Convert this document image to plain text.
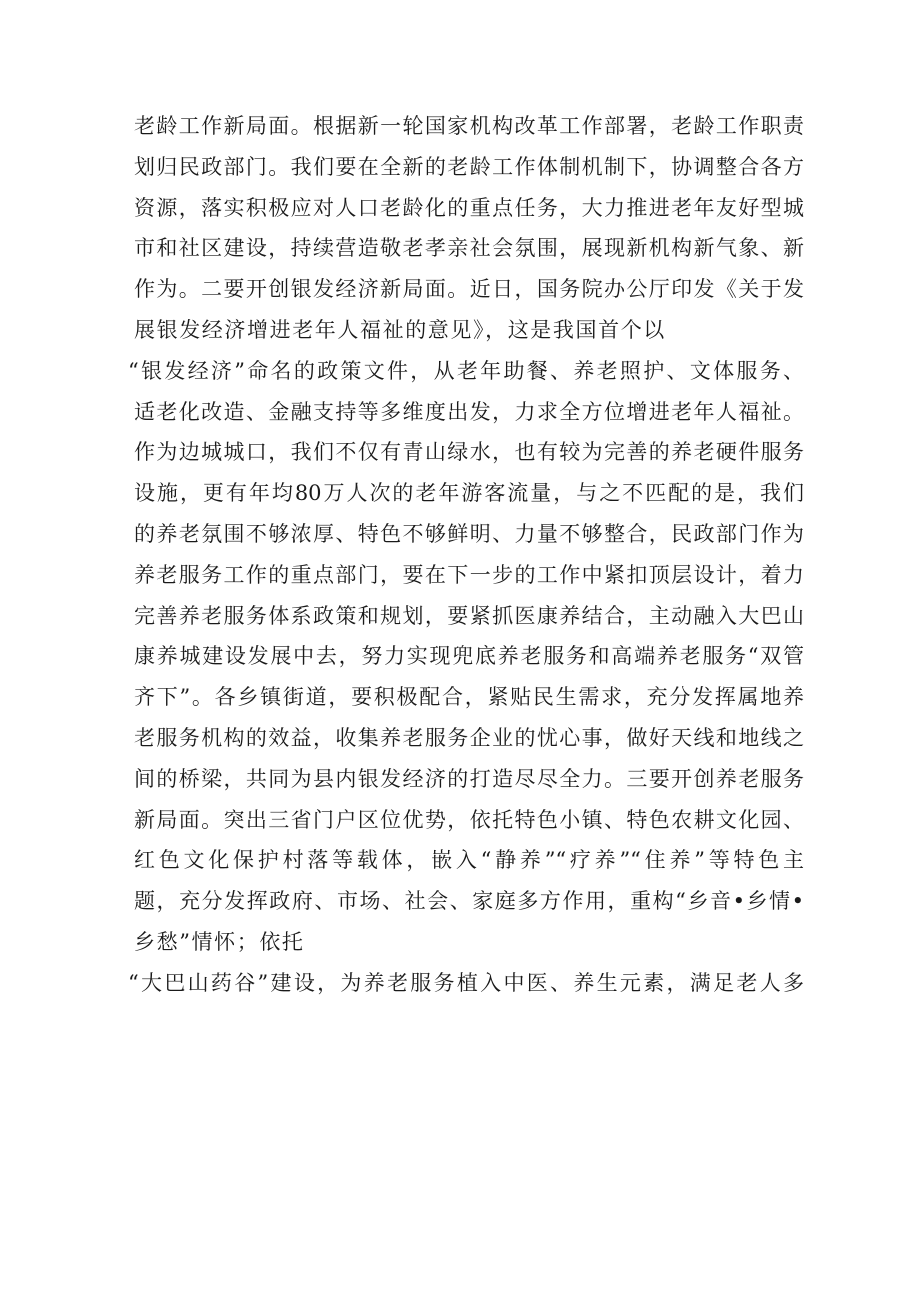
老龄工作新局面。根据新一轮国家机构改革工作部署，老龄工作职责
划归民政部门。我们要在全新的老龄工作体制机制下，协调整合各方
资源，落实积极应对人口老龄化的重点任务，大力推进老年友好型城
市和社区建设，持续营造敬老孝亲社会氛围，展现新机构新气象、新
作为。二要开创银发经济新局面。近日，国务院办公厅印发《关于发
展银发经济增进老年人福祉的意见》，这是我国首个以
“银发经济”命名的政策文件，从老年助餐、养老照护、文体服务、
适老化改造、金融支持等多维度出发，力求全方位增进老年人福祉。
作为边城城口，我们不仅有青山绿水，也有较为完善的养老硬件服务
设施，更有年均80万人次的老年游客流量，与之不匹配的是，我们
的养老氛围不够浓厚、特色不够鲜明、力量不够整合，民政部门作为
养老服务工作的重点部门，要在下一步的工作中紧扣顶层设计，着力
完善养老服务体系政策和规划，要紧抓医康养结合，主动融入大巴山
康养城建设发展中去，努力实现兜底养老服务和高端养老服务“双管
齐下”。各乡镇街道，要积极配合，紧贴民生需求，充分发挥属地养
老服务机构的效益，收集养老服务企业的忧心事，做好天线和地线之
间的桥梁，共同为县内银发经济的打造尽尽全力。三要开创养老服务
新局面。突出三省门户区位优势，依托特色小镇、特色农耕文化园、
红色文化保护村落等载体，嵌入“静养”“疗养”“住养”等特色主
题，充分发挥政府、市场、社会、家庭多方作用，重构“乡音•乡情•
乡愁”情怀；依托
“大巴山药谷”建设，为养老服务植入中医、养生元素，满足老人多
